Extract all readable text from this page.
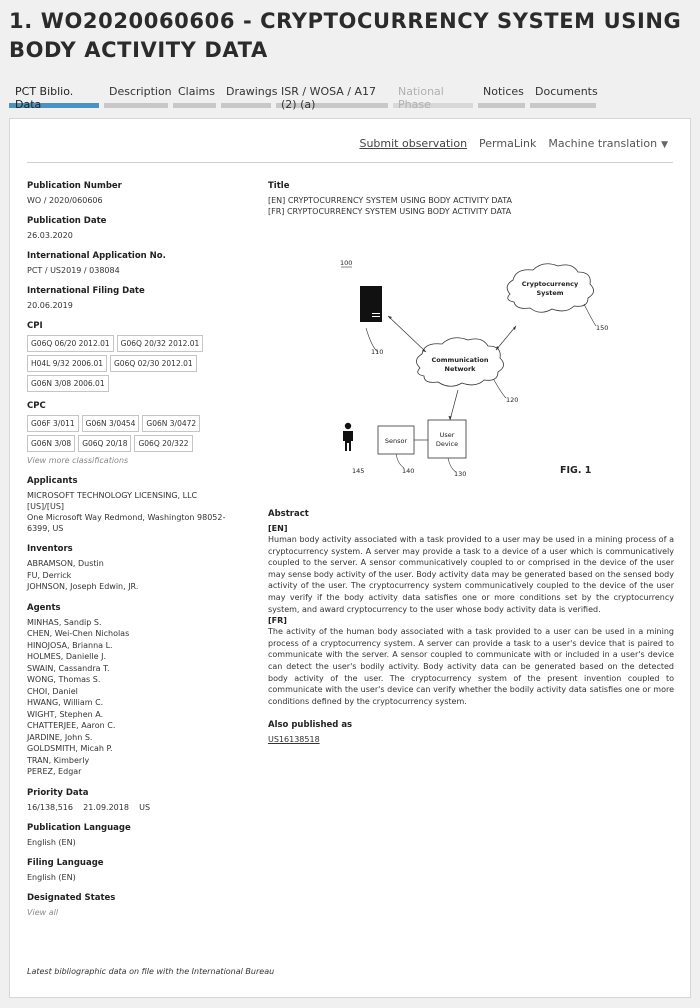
1. WO2020060606 - CRYPTOCURRENCY SYSTEM USING BODY ACTIVITY DATA
PCT Biblio. Data
Description Claims	Drawings ISR / WOSA / A17 (2) (a)
National Phase
Notices	Documents
Submit observation PermaLink Machine translation ▼
Publication Number
WO / 2020/060606
Publication Date
26.03.2020
International Application No.
PCT / US2019 / 038084
International Filing Date
20.06.2019
CPI
G06Q 06/20 2012.01	G06Q 20/32 2012.01
H04L 9/32 2006.01	G06Q 02/30 2012.01
G06N 3/08 2006.01
CPC
G06F 3/011	G06N 3/0454	G06N 3/0472
G06N 3/08	G06Q 20/18	G06Q 20/322
View more classifications
Applicants
MICROSOFT TECHNOLOGY LICENSING, LLC
[US]/[US]
One Microsoft Way Redmond, Washington 98052-6399, US
Inventors
ABRAMSON, Dustin
FU, Derrick
JOHNSON, Joseph Edwin, JR.
Agents
MINHAS, Sandip S.
CHEN, Wei-Chen Nicholas
HINOJOSA, Brianna L.
HOLMES, Danielle J.
SWAIN, Cassandra T.
WONG, Thomas S.
CHOI, Daniel
HWANG, William C.
WIGHT, Stephen A.
CHATTERJEE, Aaron C.
JARDINE, John S.
GOLDSMITH, Micah P.
TRAN, Kimberly
PEREZ, Edgar
Priority Data
16/138,516    21.09.2018    US
Publication Language
English (EN)
Filing Language
English (EN)
Designated States
View all
Latest bibliographic data on file with the International Bureau
Title
[EN] CRYPTOCURRENCY SYSTEM USING BODY ACTIVITY DATA
[FR] CRYPTOCURRENCY SYSTEM USING BODY ACTIVITY DATA
100
110
Cryptocurrency
System
150
Communication
Network
120
Sensor
User
Device
145	140	130	FIG. 1
Abstract
[EN]
Human body activity associated with a task provided to a user may be used in a mining process of a cryptocurrency system. A server may provide a task to a device of a user which is communicatively coupled to the server. A sensor communicatively coupled to or comprised in the device of the user may sense body activity of the user. Body activity data may be generated based on the sensed body activity of the user. The cryptocurrency system communicatively coupled to the device of the user may verify if the body activity data satisfies one or more conditions set by the cryptocurrency system, and award cryptocurrency to the user whose body activity data is verified.
[FR]
The activity of the human body associated with a task provided to a user can be used in a mining process of a cryptocurrency system. A server can provide a task to a user's device that is paired to communicate with the server. A sensor coupled to communicate with or included in a user's device can detect the user's bodily activity. Body activity data can be generated based on the detected body activity of the user. The cryptocurrency system of the present invention coupled to communicate with the user's device can verify whether the bodily activity data satisfies one or more conditions defined by the cryptocurrency system.
Also published as
US16138518
